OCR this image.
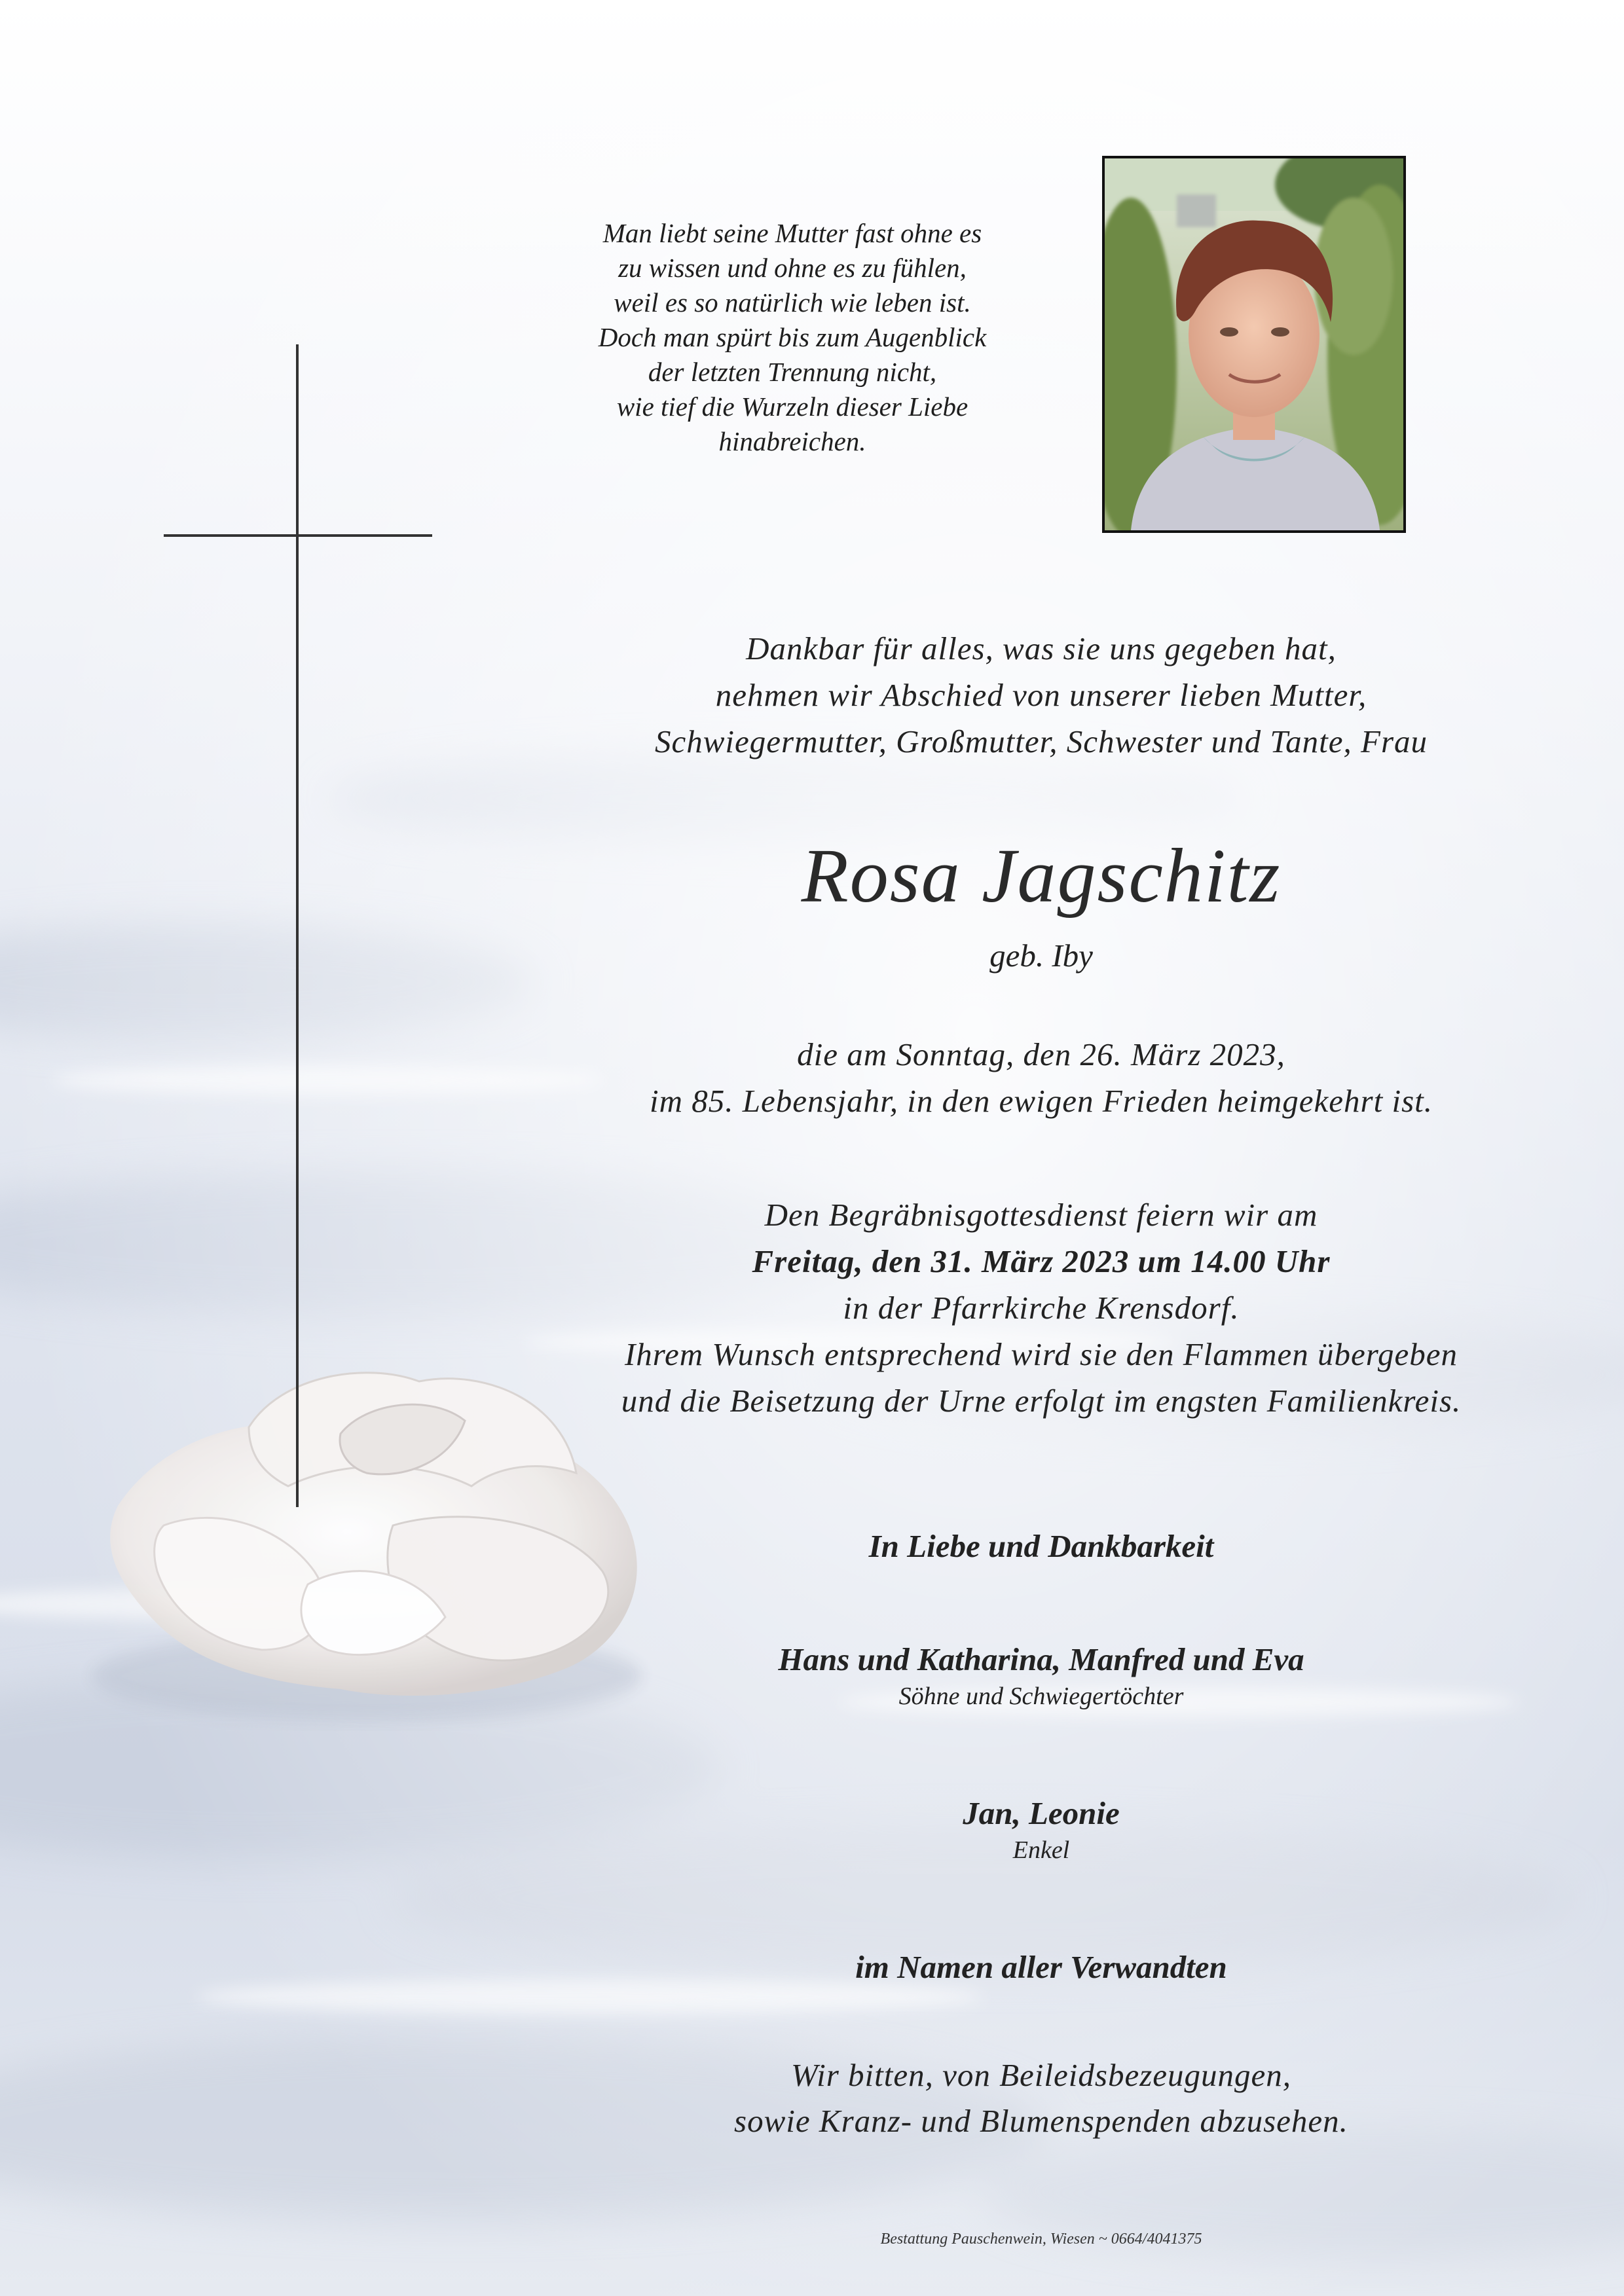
Man liebt seine Mutter fast ohne es
zu wissen und ohne es zu fühlen,
weil es so natürlich wie leben ist.
Doch man spürt bis zum Augenblick
der letzten Trennung nicht,
wie tief die Wurzeln dieser Liebe
hinabreichen.
Dankbar für alles, was sie uns gegeben hat,
nehmen wir Abschied von unserer lieben Mutter,
Schwiegermutter, Großmutter, Schwester und Tante, Frau
Rosa Jagschitz
geb. Iby
die am Sonntag, den 26. März 2023,
im 85. Lebensjahr, in den ewigen Frieden heimgekehrt ist.
Den Begräbnisgottesdienst feiern wir am
Freitag, den 31. März 2023 um 14.00 Uhr
in der Pfarrkirche Krensdorf.
Ihrem Wunsch entsprechend wird sie den Flammen übergeben
und die Beisetzung der Urne erfolgt im engsten Familienkreis.
In Liebe und Dankbarkeit
Hans und Katharina, Manfred und Eva
Söhne und Schwiegertöchter
Jan, Leonie
Enkel
im Namen aller Verwandten
Wir bitten, von Beileidsbezeugungen,
sowie Kranz- und Blumenspenden abzusehen.
Bestattung Pauschenwein, Wiesen ~ 0664/4041375
